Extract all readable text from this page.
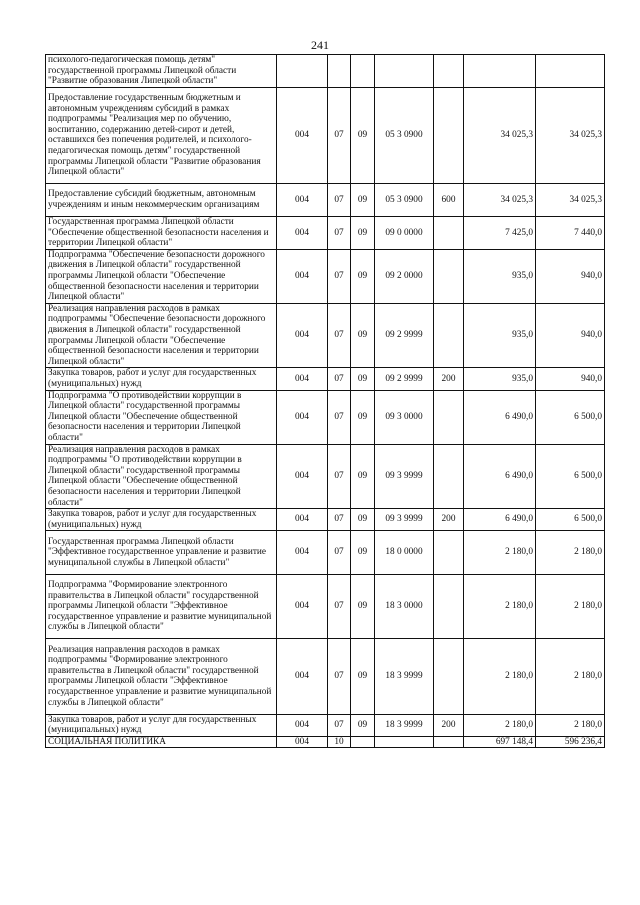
241
психолого-педагогическая помощь детям" государственной программы Липецкой области "Развитие образования Липецкой области"							
Предоставление государственным бюджетным и автономным учреждениям субсидий в рамках подпрограммы "Реализация мер по обучению, воспитанию, содержанию детей-сирот и детей, оставшихся без попечения родителей, и психолого-педагогическая помощь детям" государственной программы Липецкой области "Развитие образования Липецкой области"	004	07	09	05 3 0900		34 025,3	34 025,3
Предоставление субсидий бюджетным, автономным учреждениям и иным некоммерческим организациям	004	07	09	05 3 0900	600	34 025,3	34 025,3
Государственная программа Липецкой области "Обеспечение общественной безопасности населения и территории Липецкой области"	004	07	09	09 0 0000		7 425,0	7 440,0
Подпрограмма "Обеспечение безопасности дорожного движения в Липецкой области" государственной программы Липецкой области "Обеспечение общественной безопасности населения и территории Липецкой области"	004	07	09	09 2 0000		935,0	940,0
Реализация направления расходов в рамках подпрограммы "Обеспечение безопасности дорожного движения в Липецкой области" государственной программы Липецкой области "Обеспечение общественной безопасности населения и территории Липецкой области"	004	07	09	09 2 9999		935,0	940,0
Закупка товаров, работ и услуг для государственных (муниципальных) нужд	004	07	09	09 2 9999	200	935,0	940,0
Подпрограмма "О противодействии коррупции в Липецкой области" государственной программы Липецкой области "Обеспечение общественной безопасности населения и территории Липецкой области"	004	07	09	09 3 0000		6 490,0	6 500,0
Реализация направления расходов в рамках подпрограммы "О противодействии коррупции в Липецкой области" государственной программы Липецкой области "Обеспечение общественной безопасности населения и территории Липецкой области"	004	07	09	09 3 9999		6 490,0	6 500,0
Закупка товаров, работ и услуг для государственных (муниципальных) нужд	004	07	09	09 3 9999	200	6 490,0	6 500,0
Государственная программа Липецкой области "Эффективное государственное управление и развитие муниципальной службы в Липецкой области"	004	07	09	18 0 0000		2 180,0	2 180,0
Подпрограмма "Формирование электронного правительства в Липецкой области" государственной программы Липецкой области "Эффективное государственное управление и развитие муниципальной службы в Липецкой области"	004	07	09	18 3 0000		2 180,0	2 180,0
Реализация направления расходов в рамках подпрограммы "Формирование электронного правительства в Липецкой области" государственной программы Липецкой области "Эффективное государственное управление и развитие муниципальной службы в Липецкой области"	004	07	09	18 3 9999		2 180,0	2 180,0
Закупка товаров, работ и услуг для государственных (муниципальных) нужд	004	07	09	18 3 9999	200	2 180,0	2 180,0
СОЦИАЛЬНАЯ ПОЛИТИКА	004	10				697 148,4	596 236,4
